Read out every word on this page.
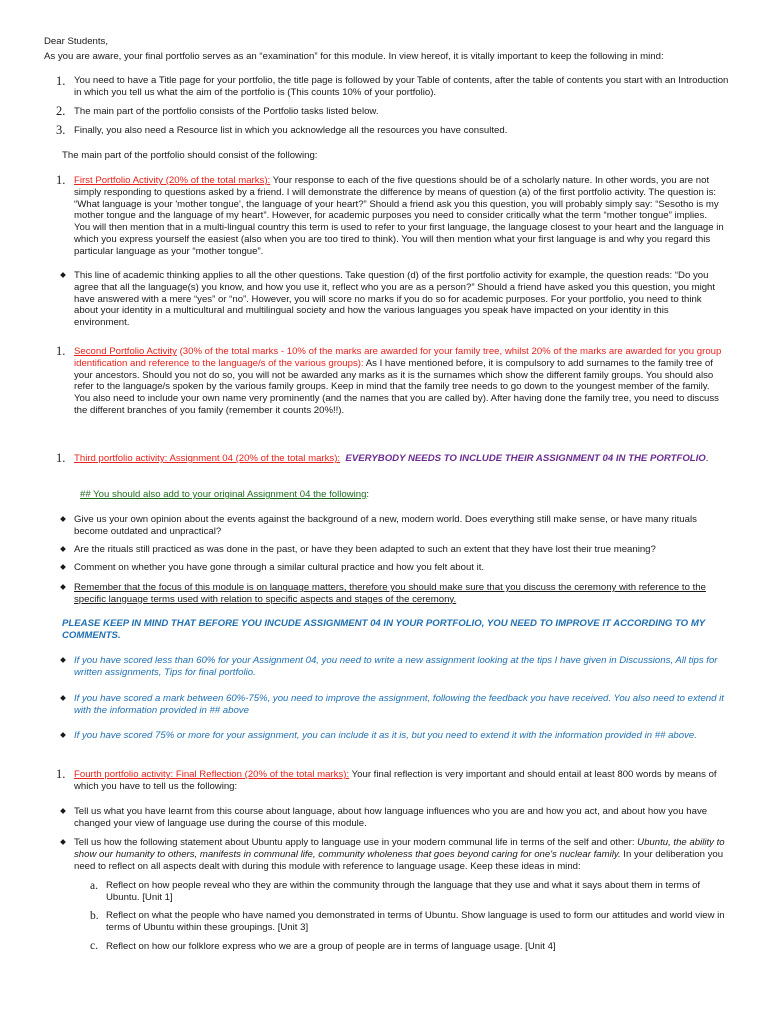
Dear Students,
As you are aware, your final portfolio serves as an “examination” for this module. In view hereof, it is vitally important to keep the following in mind:
1. You need to have a Title page for your portfolio, the title page is followed by your Table of contents, after the table of contents you start with an Introduction in which you tell us what the aim of the portfolio is (This counts 10% of your portfolio).
2. The main part of the portfolio consists of the Portfolio tasks listed below.
3. Finally, you also need a Resource list in which you acknowledge all the resources you have consulted.
The main part of the portfolio should consist of the following:
1. First Portfolio Activity (20% of the total marks): Your response to each of the five questions should be of a scholarly nature. In other words, you are not simply responding to questions asked by a friend. I will demonstrate the difference by means of question (a) of the first portfolio activity. The question is: “What language is your 'mother tongue', the language of your heart?” Should a friend ask you this question, you will probably simply say: “Sesotho is my mother tongue and the language of my heart”. However, for academic purposes you need to consider critically what the term “mother tongue” implies. You will then mention that in a multi-lingual country this term is used to refer to your first language, the language closest to your heart and the language in which you express yourself the easiest (also when you are too tired to think). You will then mention what your first language is and why you regard this particular language as your “mother tongue”.
This line of academic thinking applies to all the other questions. Take question (d) of the first portfolio activity for example, the question reads: “Do you agree that all the language(s) you know, and how you use it, reflect who you are as a person?” Should a friend have asked you this question, you might have answered with a mere “yes” or “no”. However, you will score no marks if you do so for academic purposes. For your portfolio, you need to think about your identity in a multicultural and multilingual society and how the various languages you speak have impacted on your identity in this environment.
1. Second Portfolio Activity (30% of the total marks - 10% of the marks are awarded for your family tree, whilst 20% of the marks are awarded for you group identification and reference to the language/s of the various groups): As I have mentioned before, it is compulsory to add surnames to the family tree of your ancestors. Should you not do so, you will not be awarded any marks as it is the surnames which show the different family groups. You should also refer to the language/s spoken by the various family groups. Keep in mind that the family tree needs to go down to the youngest member of the family. You also need to include your own name very prominently (and the names that you are called by). After having done the family tree, you need to discuss the different branches of you family (remember it counts 20%!!).
1. Third portfolio activity: Assignment 04 (20% of the total marks): EVERYBODY NEEDS TO INCLUDE THEIR ASSIGNMENT 04 IN THE PORTFOLIO.
## You should also add to your original Assignment 04 the following:
Give us your own opinion about the events against the background of a new, modern world. Does everything still make sense, or have many rituals become outdated and unpractical?
Are the rituals still practiced as was done in the past, or have they been adapted to such an extent that they have lost their true meaning?
Comment on whether you have gone through a similar cultural practice and how you felt about it.
Remember that the focus of this module is on language matters, therefore you should make sure that you discuss the ceremony with reference to the specific language terms used with relation to specific aspects and stages of the ceremony.
PLEASE KEEP IN MIND THAT BEFORE YOU INCUDE ASSIGNMENT 04 IN YOUR PORTFOLIO, YOU NEED TO IMPROVE IT ACCORDING TO MY COMMENTS.
If you have scored less than 60% for your Assignment 04, you need to write a new assignment looking at the tips I have given in Discussions, All tips for written assignments, Tips for final portfolio.
If you have scored a mark between 60%-75%, you need to improve the assignment, following the feedback you have received. You also need to extend it with the information provided in ## above
If you have scored 75% or more for your assignment, you can include it as it is, but you need to extend it with the information provided in ## above.
1. Fourth portfolio activity: Final Reflection (20% of the total marks): Your final reflection is very important and should entail at least 800 words by means of which you have to tell us the following:
Tell us what you have learnt from this course about language, about how language influences who you are and how you act, and about how you have changed your view of language use during the course of this module.
Tell us how the following statement about Ubuntu apply to language use in your modern communal life in terms of the self and other: Ubuntu, the ability to show our humanity to others, manifests in communal life, community wholeness that goes beyond caring for one's nuclear family. In your deliberation you need to reflect on all aspects dealt with during this module with reference to language usage. Keep these ideas in mind:
a. Reflect on how people reveal who they are within the community through the language that they use and what it says about them in terms of Ubuntu. [Unit 1]
b. Reflect on what the people who have named you demonstrated in terms of Ubuntu. Show language is used to form our attitudes and world view in terms of Ubuntu within these groupings. [Unit 3]
c. Reflect on how our folklore express who we are a group of people are in terms of language usage. [Unit 4]
